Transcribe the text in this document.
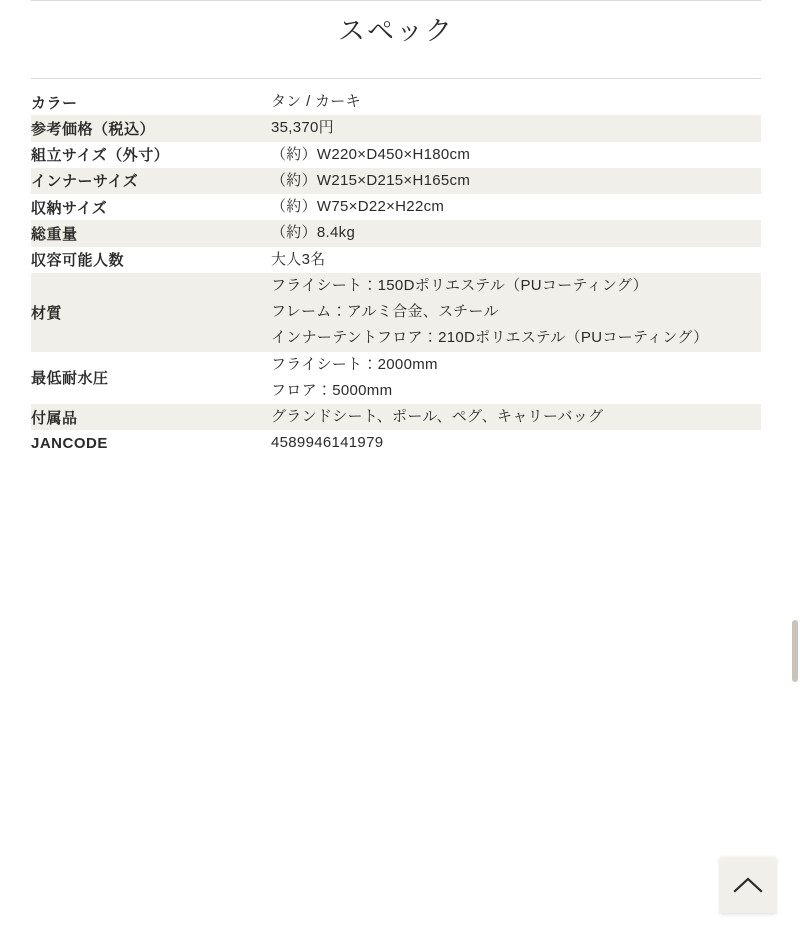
スペック
カラー	タン / カーキ

参考価格（税込）	35,370円

組立サイズ（外寸）	（約）W220×D450×H180cm

インナーサイズ	（約）W215×D215×H165cm

収納サイズ	（約）W75×D22×H22cm

総重量	（約）8.4kg

収容可能人数	大人3名

材質	フライシート：150Dポリエステル（PUコーティング）
フレーム：アルミ合金、スチール
インナーテントフロア：210Dポリエステル（PUコーティング）

最低耐水圧	フライシート：2000mm
フロア：5000mm

付属品	グランドシート、ポール、ペグ、キャリーバッグ

JANCODE	4589946141979
